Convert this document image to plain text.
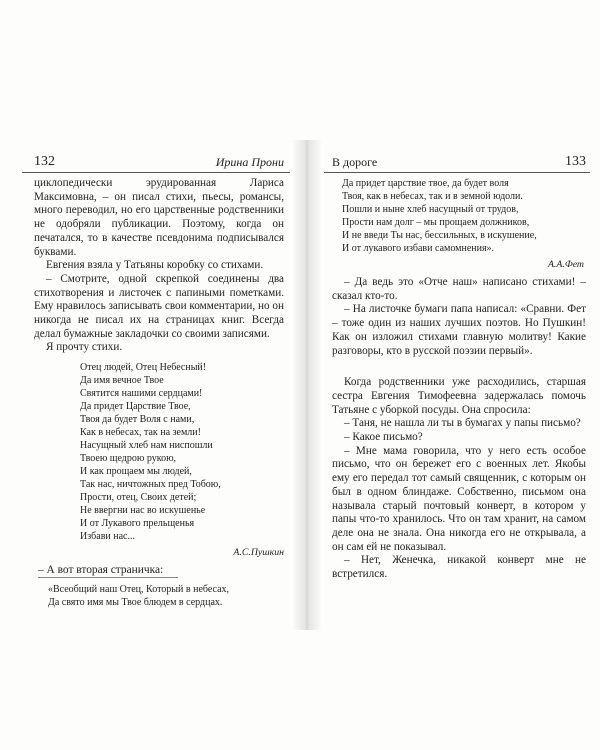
132	Ирина Прони

циклопедически эрудированная Лариса Максимовна, – он писал стихи, пьесы, романсы, много переводил, но его царственные родственники не одобряли публикации. Поэтому, когда он печатался, то в качестве псевдонима подписывался буквами.

Евгения взяла у Татьяны коробку со стихами.

– Смотрите, одной скрепкой соединены два стихотворения и листочек с папиными пометками. Ему нравилось записывать свои комментарии, но он никогда не писал их на страницах книг. Всегда делал бумажные закладочки со своими записями.

Я прочту стихи.

Отец людей, Отец Небесный!
Да имя вечное Твое
Святится нашими сердцами!
Да придет Царствие Твое,
Твоя да будет Воля с нами,
Как в небесах, так на земли!
Насущный хлеб нам ниспошли
Твоею щедрою рукою,
И как прощаем мы людей,
Так нас, ничтожных пред Тобою,
Прости, отец, Своих детей;
Не ввергни нас во искушенье
И от Лукавого прельщенья
Избави нас...
А.С.Пушкин
– А вот вторая страничка:
«Всеобщий наш Отец, Который в небесах,
Да свято имя мы Твое блюдем в сердцах.
В дороге	133
Да придет царствие твое, да будет воля
Твоя, как в небесах, так и в земной юдоли.
Пошли и ныне хлеб насущный от трудов,
Прости нам долг – мы прощаем должников,
И не введи Ты нас, бессильных, в искушение,
И от лукавого избави самомнения».
А.А.Фет

– Да ведь это «Отче наш» написано стихами! – сказал кто-то.

– На листочке бумаги папа написал: «Сравни. Фет – тоже один из наших лучших поэтов. Но Пушкин! Как он изложил стихами главную молитву! Какие разговоры, кто в русской поэзии первый».

Когда родственники уже расходились, старшая сестра Евгения Тимофеевна задержалась помочь Татьяне с уборкой посуды. Она спросила:

– Таня, не нашла ли ты в бумагах у папы письмо?

– Какое письмо?

– Мне мама говорила, что у него есть особое письмо, что он бережет его с военных лет. Якобы ему его передал тот самый священник, с которым он был в одном блиндаже. Собственно, письмом она называла старый почтовый конверт, в котором у папы что-то хранилось. Что он там хранит, на самом деле она не знала. Она никогда его не открывала, а он сам ей не показывал.

– Нет, Женечка, никакой конверт мне не встретился.
